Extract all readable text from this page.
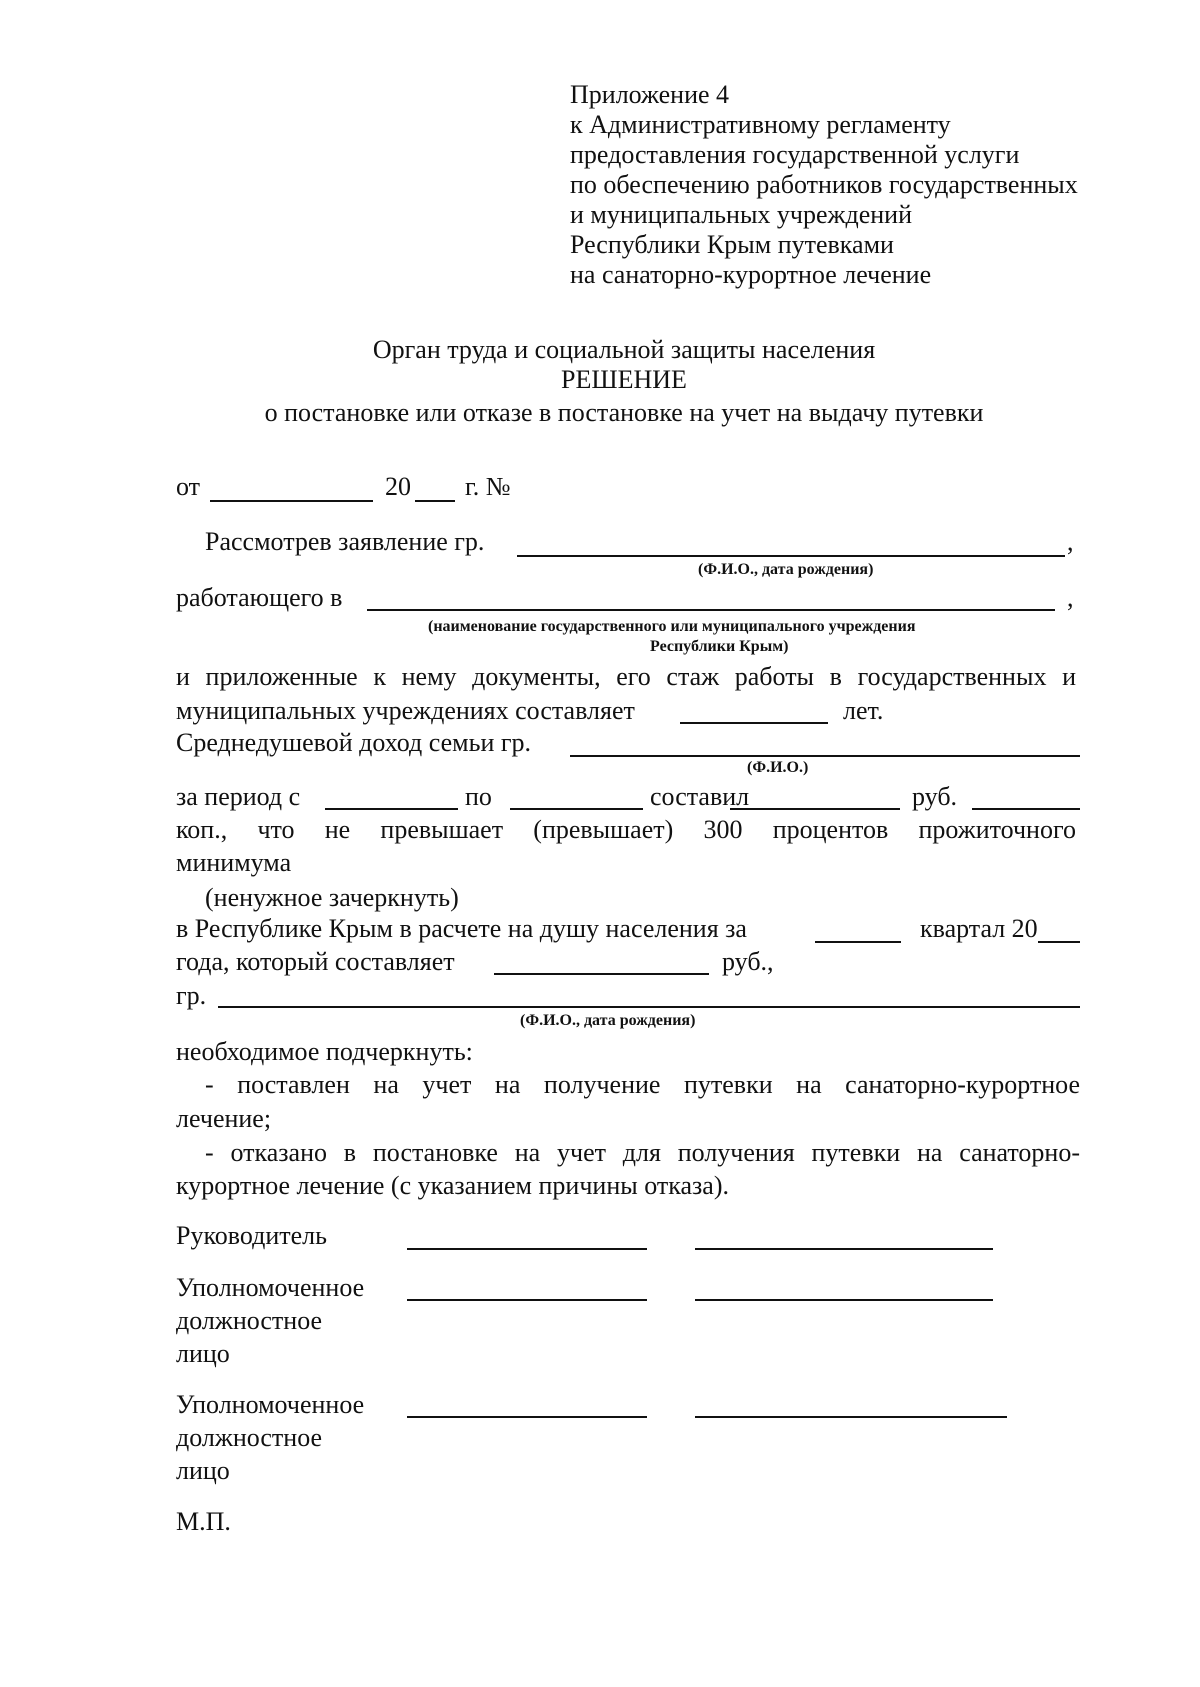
Приложение 4
к Административному регламенту
предоставления государственной услуги
по обеспечению работников государственных
и муниципальных учреждений
Республики Крым путевками
на санаторно-курортное лечение
Орган труда и социальной защиты населения
РЕШЕНИЕ
о постановке или отказе в постановке на учет на выдачу путевки
от	20 г. №
Рассмотрев заявление гр.	,
(Ф.И.О., дата рождения)
работающего в	,
(наименование государственного или муниципального учреждения
Республики Крым)
и приложенные к нему документы, его стаж работы в государственных и
муниципальных учреждениях составляет	лет.
Среднедушевой доход семьи гр.
(Ф.И.О.)
за период с	по	составил	руб.
коп., что не превышает (превышает) 300 процентов прожиточного
минимума
(ненужное зачеркнуть)
в Республике Крым в расчете на душу населения за	квартал 20
года, который составляет	руб.,
гр.
(Ф.И.О., дата рождения)
необходимое подчеркнуть:
- поставлен на учет на получение путевки на санаторно-курортное
лечение;
- отказано в постановке на учет для получения путевки на санаторно-
курортное лечение (с указанием причины отказа).
Руководитель
Уполномоченное
должностное
лицо
Уполномоченное
должностное
лицо
М.П.
